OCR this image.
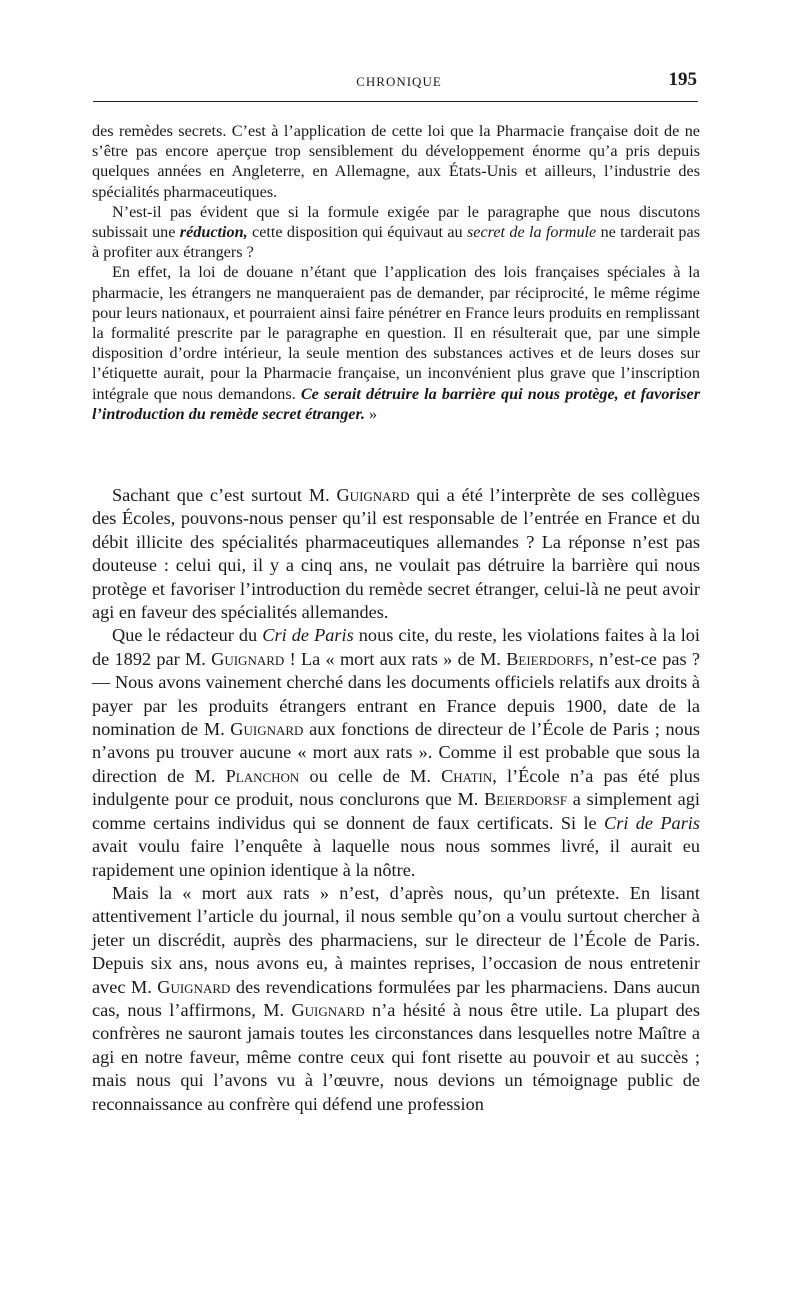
CHRONIQUE	195

des remèdes secrets. C’est à l’application de cette loi que la Pharmacie française doit de ne s’être pas encore aperçue trop sensiblement du développement énorme qu’a pris depuis quelques années en Angleterre, en Allemagne, aux États-Unis et ailleurs, l’industrie des spécialités pharmaceutiques.

N’est-il pas évident que si la formule exigée par le paragraphe que nous discutons subissait une réduction, cette disposition qui équivaut au secret de la formule ne tarderait pas à profiter aux étrangers ?

En effet, la loi de douane n’étant que l’application des lois françaises spéciales à la pharmacie, les étrangers ne manqueraient pas de demander, par réciprocité, le même régime pour leurs nationaux, et pourraient ainsi faire pénétrer en France leurs produits en remplissant la formalité prescrite par le paragraphe en question. Il en résulterait que, par une simple disposition d’ordre intérieur, la seule mention des substances actives et de leurs doses sur l’étiquette aurait, pour la Pharmacie française, un inconvénient plus grave que l’inscription intégrale que nous demandons. Ce serait détruire la barrière qui nous protège, et favoriser l’introduction du remède secret étranger. »

Sachant que c’est surtout M. Guignard qui a été l’interprète de ses collègues des Écoles, pouvons-nous penser qu’il est responsable de l’entrée en France et du débit illicite des spécialités pharmaceutiques allemandes ? La réponse n’est pas douteuse : celui qui, il y a cinq ans, ne voulait pas détruire la barrière qui nous protège et favoriser l’introduction du remède secret étranger, celui-là ne peut avoir agi en faveur des spécialités allemandes.

Que le rédacteur du Cri de Paris nous cite, du reste, les violations faites à la loi de 1892 par M. Guignard ! La « mort aux rats » de M. Beierdorfs, n’est-ce pas ? — Nous avons vainement cherché dans les documents officiels relatifs aux droits à payer par les produits étrangers entrant en France depuis 1900, date de la nomination de M. Guignard aux fonctions de directeur de l’École de Paris ; nous n’avons pu trouver aucune « mort aux rats ». Comme il est probable que sous la direction de M. Planchon ou celle de M. Chatin, l’École n’a pas été plus indulgente pour ce produit, nous conclurons que M. Beierdorsf a simplement agi comme certains individus qui se donnent de faux certificats. Si le Cri de Paris avait voulu faire l’enquête à laquelle nous nous sommes livré, il aurait eu rapidement une opinion identique à la nôtre.

Mais la « mort aux rats » n’est, d’après nous, qu’un prétexte. En lisant attentivement l’article du journal, il nous semble qu’on a voulu surtout chercher à jeter un discrédit, auprès des pharmaciens, sur le directeur de l’École de Paris. Depuis six ans, nous avons eu, à maintes reprises, l’occasion de nous entretenir avec M. Guignard des revendications formulées par les pharmaciens. Dans aucun cas, nous l’affirmons, M. Guignard n’a hésité à nous être utile. La plupart des confrères ne sauront jamais toutes les circonstances dans lesquelles notre Maître a agi en notre faveur, même contre ceux qui font risette au pouvoir et au succès ; mais nous qui l’avons vu à l’œuvre, nous devions un témoignage public de reconnaissance au confrère qui défend une profession
